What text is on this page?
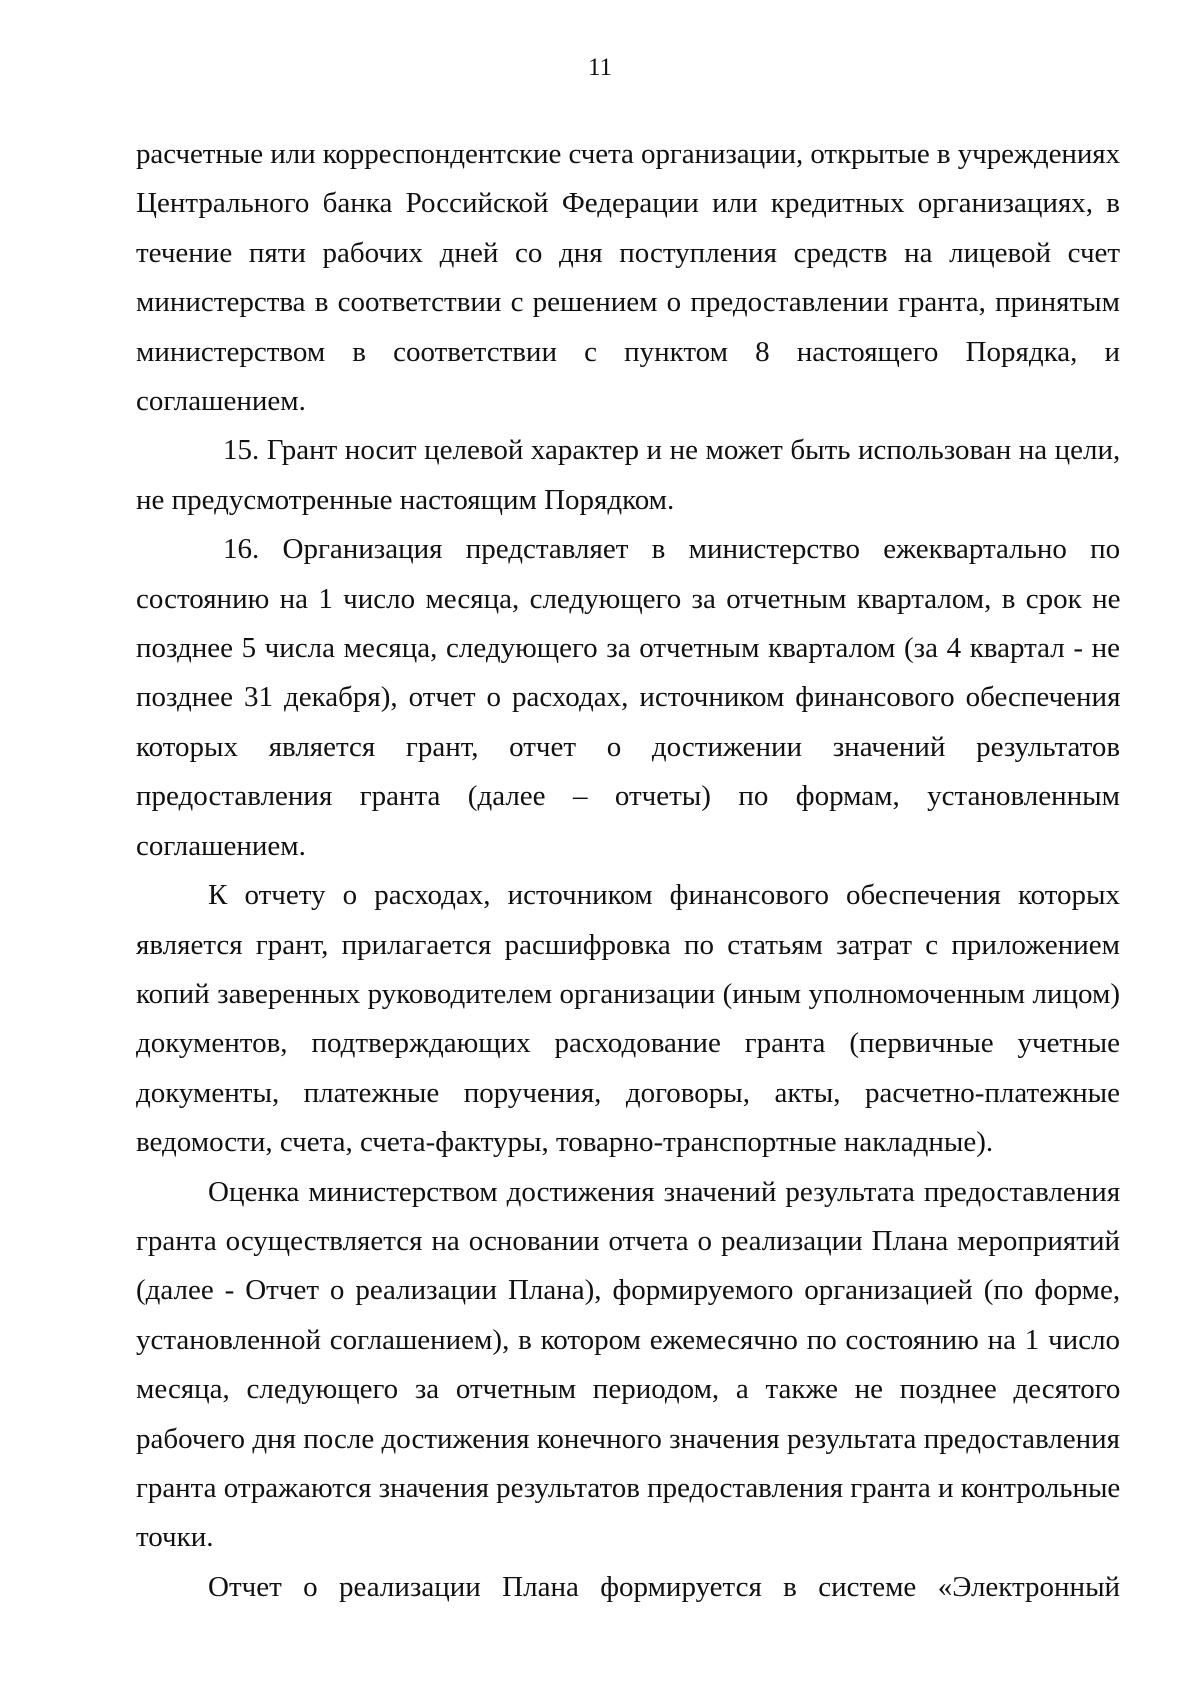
11

расчетные или корреспондентские счета организации, открытые в учреждениях
Центрального банка Российской Федерации или кредитных организациях, в
течение пяти рабочих дней со дня поступления средств на лицевой счет
министерства в соответствии с решением о предоставлении гранта, принятым
министерством в соответствии с пунктом 8 настоящего Порядка, и
соглашением.

15. Грант носит целевой характер и не может быть использован на цели,
не предусмотренные настоящим Порядком.

16. Организация представляет в министерство ежеквартально по
состоянию на 1 число месяца, следующего за отчетным кварталом, в срок не
позднее 5 числа месяца, следующего за отчетным кварталом (за 4 квартал - не
позднее 31 декабря), отчет о расходах, источником финансового обеспечения
которых является грант, отчет о достижении значений результатов
предоставления гранта (далее – отчеты) по формам, установленным
соглашением.

К отчету о расходах, источником финансового обеспечения которых
является грант, прилагается расшифровка по статьям затрат с приложением
копий заверенных руководителем организации (иным уполномоченным лицом)
документов, подтверждающих расходование гранта (первичные учетные
документы, платежные поручения, договоры, акты, расчетно-платежные
ведомости, счета, счета-фактуры, товарно-транспортные накладные).

Оценка министерством достижения значений результата предоставления
гранта осуществляется на основании отчета о реализации Плана мероприятий
(далее - Отчет о реализации Плана), формируемого организацией (по форме,
установленной соглашением), в котором ежемесячно по состоянию на 1 число
месяца, следующего за отчетным периодом, а также не позднее десятого
рабочего дня после достижения конечного значения результата предоставления
гранта отражаются значения результатов предоставления гранта и контрольные
точки.

Отчет о реализации Плана формируется в системе «Электронный
